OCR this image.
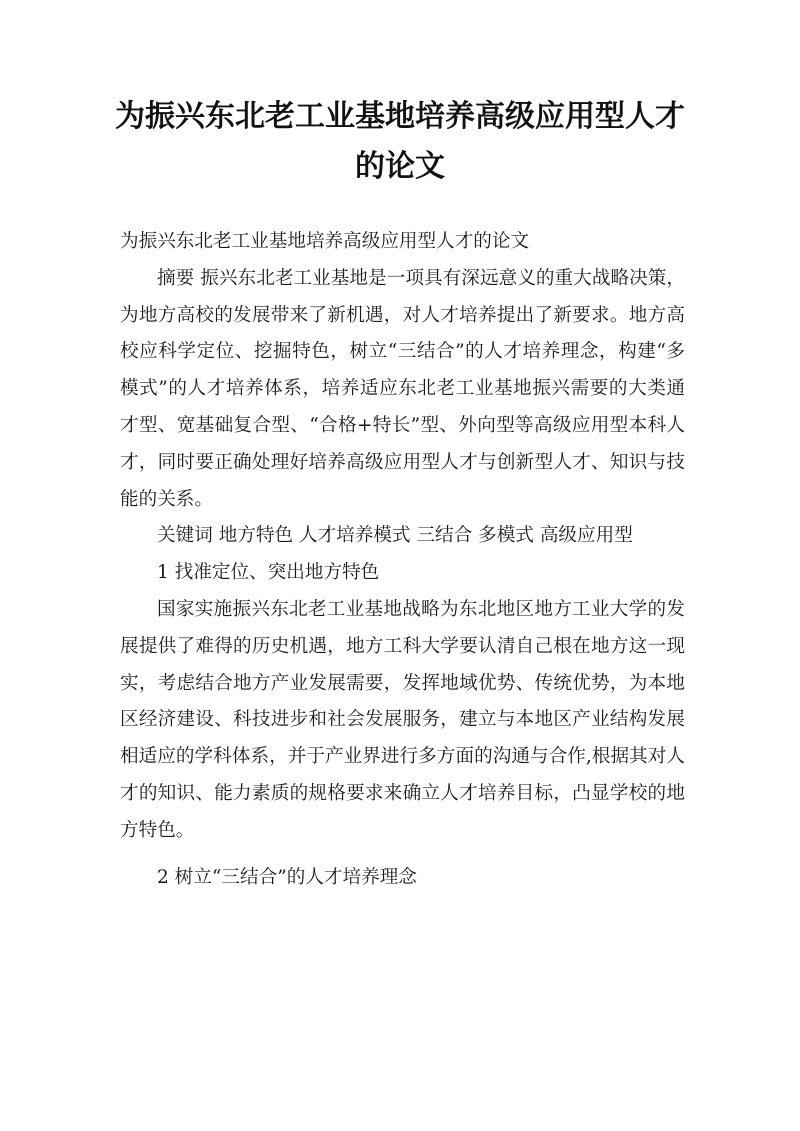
为振兴东北老工业基地培养高级应用型人才的论文

为振兴东北老工业基地培养高级应用型人才的论文

摘要 振兴东北老工业基地是一项具有深远意义的重大战略决策，为地方高校的发展带来了新机遇，对人才培养提出了新要求。地方高校应科学定位、挖掘特色，树立“三结合”的人才培养理念，构建“多模式”的人才培养体系，培养适应东北老工业基地振兴需要的大类通才型、宽基础复合型、“合格+特长”型、外向型等高级应用型本科人才，同时要正确处理好培养高级应用型人才与创新型人才、知识与技能的关系。

关键词 地方特色 人才培养模式 三结合 多模式 高级应用型

1 找准定位、突出地方特色

国家实施振兴东北老工业基地战略为东北地区地方工业大学的发展提供了难得的历史机遇，地方工科大学要认清自己根在地方这一现实，考虑结合地方产业发展需要，发挥地域优势、传统优势，为本地区经济建设、科技进步和社会发展服务，建立与本地区产业结构发展相适应的学科体系，并于产业界进行多方面的沟通与合作,根据其对人才的知识、能力素质的规格要求来确立人才培养目标，凸显学校的地方特色。

2 树立“三结合”的人才培养理念
